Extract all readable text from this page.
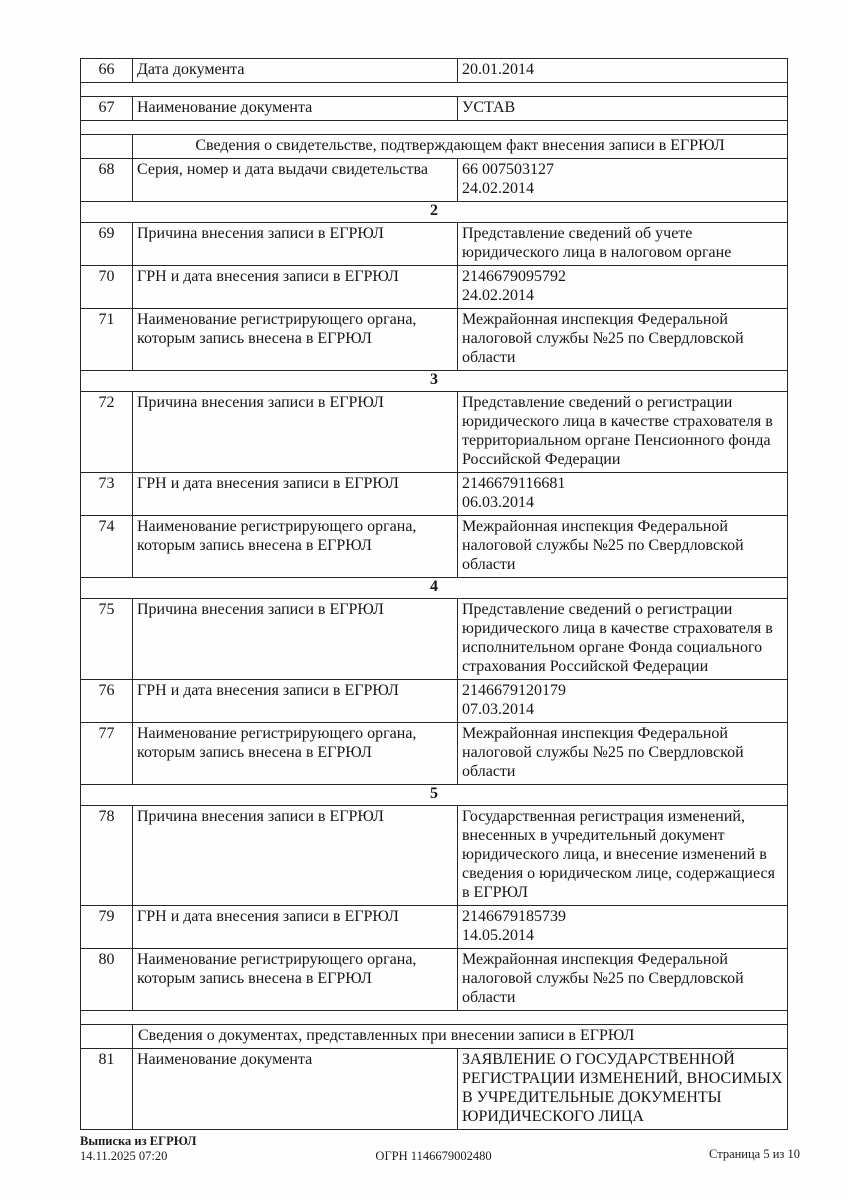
66	Дата документа	20.01.2014

67	Наименование документа	УСТАВ

	Сведения о свидетельстве, подтверждающем факт внесения записи в ЕГРЮЛ	
68	Серия, номер и дата выдачи свидетельства	66 007503127
24.02.2014

2		
69	Причина внесения записи в ЕГРЮЛ	Представление сведений об учете юридического лица в налоговом органе

70	ГРН и дата внесения записи в ЕГРЮЛ	2146679095792
24.02.2014

71	Наименование регистрирующего органа, которым запись внесена в ЕГРЮЛ	Межрайонная инспекция Федеральной налоговой службы №25 по Свердловской области

3		
72	Причина внесения записи в ЕГРЮЛ	Представление сведений о регистрации юридического лица в качестве страхователя в территориальном органе Пенсионного фонда Российской Федерации

73	ГРН и дата внесения записи в ЕГРЮЛ	2146679116681
06.03.2014

74	Наименование регистрирующего органа, которым запись внесена в ЕГРЮЛ	Межрайонная инспекция Федеральной налоговой службы №25 по Свердловской области

4		
75	Причина внесения записи в ЕГРЮЛ	Представление сведений о регистрации юридического лица в качестве страхователя в исполнительном органе Фонда социального страхования Российской Федерации

76	ГРН и дата внесения записи в ЕГРЮЛ	2146679120179
07.03.2014

77	Наименование регистрирующего органа, которым запись внесена в ЕГРЮЛ	Межрайонная инспекция Федеральной налоговой службы №25 по Свердловской области

5		
78	Причина внесения записи в ЕГРЮЛ	Государственная регистрация изменений, внесенных в учредительный документ юридического лица, и внесение изменений в сведения о юридическом лице, содержащиеся в ЕГРЮЛ

79	ГРН и дата внесения записи в ЕГРЮЛ	2146679185739
14.05.2014

80	Наименование регистрирующего органа, которым запись внесена в ЕГРЮЛ	Межрайонная инспекция Федеральной налоговой службы №25 по Свердловской области

	Сведения о документах, представленных при внесении записи в ЕГРЮЛ	
81	Наименование документа	ЗАЯВЛЕНИЕ О ГОСУДАРСТВЕННОЙ РЕГИСТРАЦИИ ИЗМЕНЕНИЙ, ВНОСИМЫХ В УЧРЕДИТЕЛЬНЫЕ ДОКУМЕНТЫ ЮРИДИЧЕСКОГО ЛИЦА
Выписка из ЕГРЮЛ
14.11.2025 07:20	ОГРН 1146679002480	Страница 5 из 10
